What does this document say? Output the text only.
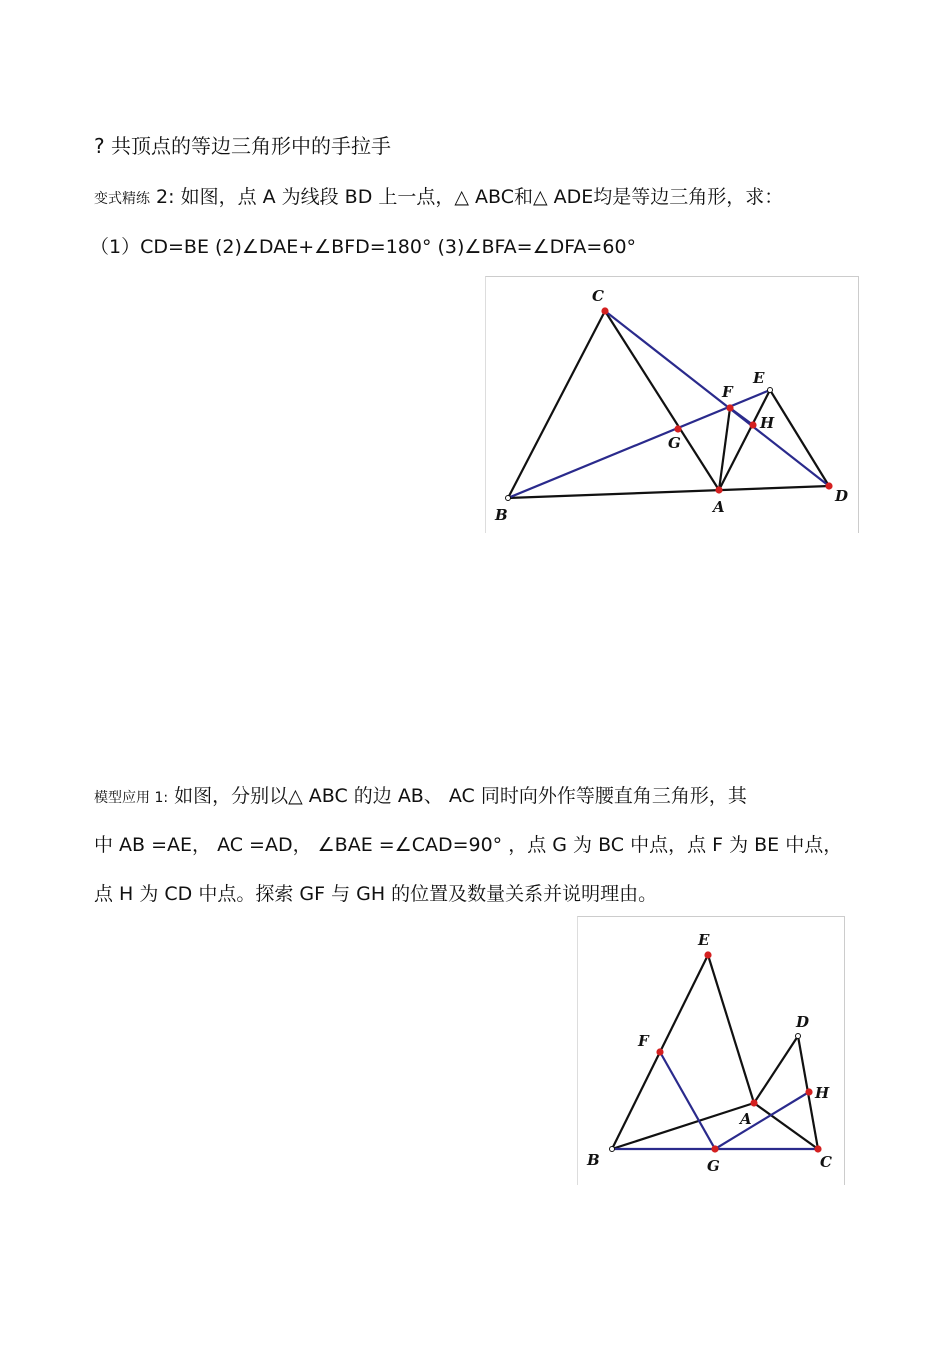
? 共顶点的等边三角形中的手拉手
变式精练 2: 如图，点 A 为线段 BD 上一点，△ ABC和△ ADE均是等边三角形，求：
（1）CD=BE (2)∠DAE+∠BFD=180° (3)∠BFA=∠DFA=60°
C
E
F
H
G
B	A
D
模型应用 1: 如图，分别以△ ABC 的边 AB、 AC 同时向外作等腰直角三角形，其
中 AB =AE， AC =AD， ∠BAE =∠CAD=90° ，点 G 为 BC 中点，点 F 为 BE 中点，
点 H 为 CD 中点。探索 GF 与 GH 的位置及数量关系并说明理由。
E
D
F
H
A
B	G	C
